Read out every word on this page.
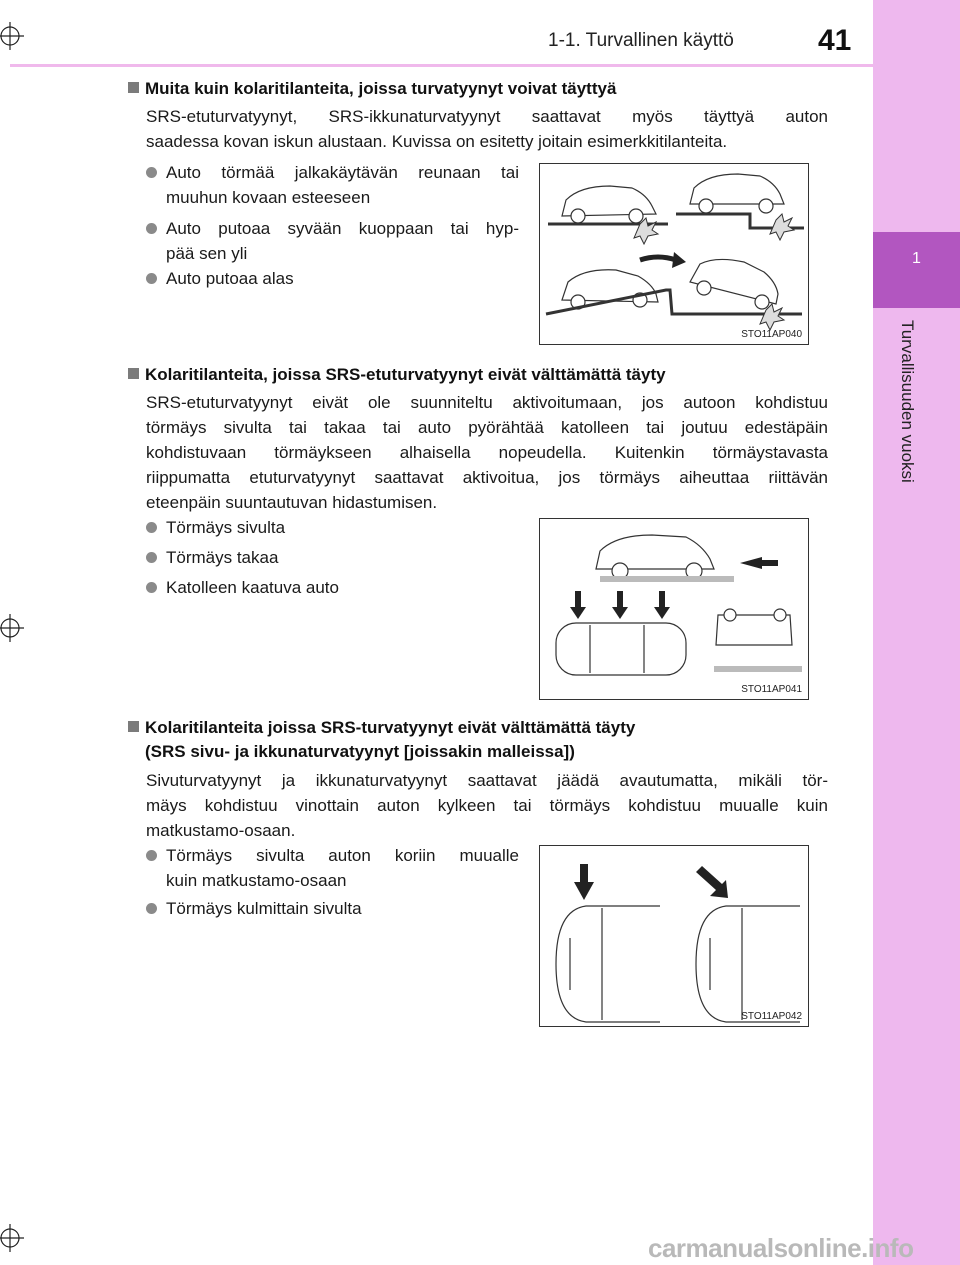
1
Turvallisuuden vuoksi
1-1. Turvallinen käyttö	41
Muita kuin kolaritilanteita, joissa turvatyynyt voivat täyttyä
SRS-etuturvatyynyt, SRS-ikkunaturvatyynyt saattavat myös täyttyä auton
saadessa kovan iskun alustaan. Kuvissa on esitetty joitain esimerkkitilanteita.
Auto törmää jalkakäytävän reunaan tai
muuhun kovaan esteeseen
Auto putoaa syvään kuoppaan tai hyp-
pää sen yli
Auto putoaa alas
STO11AP040
Kolaritilanteita, joissa SRS-etuturvatyynyt eivät välttämättä täyty
SRS-etuturvatyynyt eivät ole suunniteltu aktivoitumaan, jos autoon kohdistuu
törmäys sivulta tai takaa tai auto pyörähtää katolleen tai joutuu edestäpäin
kohdistuvaan törmäykseen alhaisella nopeudella. Kuitenkin törmäystavasta
riippumatta etuturvatyynyt saattavat aktivoitua, jos törmäys aiheuttaa riittävän
eteenpäin suuntautuvan hidastumisen.
Törmäys sivulta
Törmäys takaa
Katolleen kaatuva auto
STO11AP041
Kolaritilanteita joissa SRS-turvatyynyt eivät välttämättä täyty
(SRS sivu- ja ikkunaturvatyynyt [joissakin malleissa])
Sivuturvatyynyt ja ikkunaturvatyynyt saattavat jäädä avautumatta, mikäli tör-
mäys kohdistuu vinottain auton kylkeen tai törmäys kohdistuu muualle kuin
matkustamo-osaan.
Törmäys sivulta auton koriin muualle
kuin matkustamo-osaan
Törmäys kulmittain sivulta
STO11AP042
carmanualsonline.info
